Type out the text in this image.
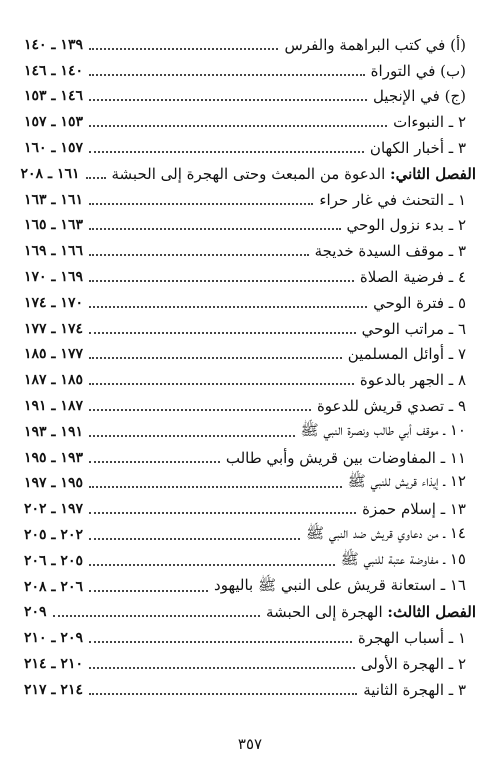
(أ) في كتب البراهمة والفرس
١٣٩ ـ ١٤٠
(ب) في التوراة
١٤٠ ـ ١٤٦
(ج) في الإنجيل
١٤٦ ـ ١٥٣
٢ ـ النبوءات
١٥٣ ـ ١٥٧
٣ ـ أخبار الكهان
١٥٧ ـ ١٦٠
الفصل الثاني: الدعوة من المبعث وحتى الهجرة إلى الحبشة
١٦١ ـ ٢٠٨
١ ـ التحنث في غار حراء
١٦١ ـ ١٦٣
٢ ـ بدء نزول الوحي
١٦٣ ـ ١٦٥
٣ ـ موقف السيدة خديجة
١٦٦ ـ ١٦٩
٤ ـ فرضية الصلاة
١٦٩ ـ ١٧٠
٥ ـ فترة الوحي
١٧٠ ـ ١٧٤
٦ ـ مراتب الوحي
١٧٤ ـ ١٧٧
٧ ـ أوائل المسلمين
١٧٧ ـ ١٨٥
٨ ـ الجهر بالدعوة
١٨٥ ـ ١٨٧
٩ ـ تصدي قريش للدعوة
١٨٧ ـ ١٩١
١٠ ـ موقف أبي طالب ونصرة النبي ﷺ
١٩١ ـ ١٩٣
١١ ـ المفاوضات بين قريش وأبي طالب
١٩٣ ـ ١٩٥
١٢ ـ إيذاء قريش للنبي ﷺ
١٩٥ ـ ١٩٧
١٣ ـ إسلام حمزة
١٩٧ ـ ٢٠٢
١٤ ـ من دعاوي قريش ضد النبي ﷺ
٢٠٢ ـ ٢٠٥
١٥ ـ مفاوضة عتبة للنبي ﷺ
٢٠٥ ـ ٢٠٦
١٦ ـ استعانة قريش على النبي ﷺ باليهود
٢٠٦ ـ ٢٠٨
الفصل الثالث: الهجرة إلى الحبشة
٢٠٩
١ ـ أسباب الهجرة
٢٠٩ ـ ٢١٠
٢ ـ الهجرة الأولى
٢١٠ ـ ٢١٤
٣ ـ الهجرة الثانية
٢١٤ ـ ٢١٧
٣٥٧
